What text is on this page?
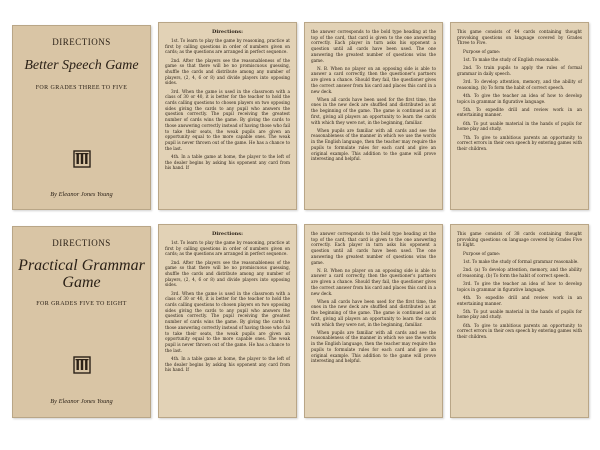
DIRECTIONS
Better Speech Game
FOR GRADES THREE TO FIVE
By Eleanor Jones Young
Directions:

1st. To learn to play the game by reasoning, practice at first by calling questions in order of numbers given on cards; as the questions are arranged in perfect sequence.

2nd. After the players see the reasonableness of the game so that there will be no promiscuous guessing, shuffle the cards and distribute among any number of players, (2, 4, 6 or 8) and divide players into opposing sides.

3rd. When the game is used in the classroom with a class of 30 or 40, it is better for the teacher to hold the cards calling questions to chosen players on two opposing sides giving the cards to any pupil who answers the question correctly. The pupil receiving the greatest number of cards wins the game. By giving the cards to those answering correctly instead of having those who fail to take their seats, the weak pupils are given an opportunity equal to the more capable ones. The weak pupil is never thrown out of the game. He has a chance to the last.

4th. In a table game at home, the player to the left of the dealer begins by asking his opponent any card from his hand. If

the answer corresponds to the bold type heading at the top of the card, that card is given to the one answering correctly. Each player in turn asks his opponent a question until all cards have been used. The one answering the greatest number of questions wins the game.

N. B. When no player on an opposing side is able to answer a card correctly, then the questioner's partners are given a chance. Should they fail, the questioner gives the correct answer from his card and places this card in a new deck.

When all cards have been used for the first time, the ones in the new deck are shuffled and distributed as at the beginning of the game. The game is continued as at first, giving all players an opportunity to learn the cards with which they were not, in the beginning, familiar.

When pupils are familiar with all cards and see the reasonableness of the manner in which we use the words in the English language, then the teacher may require the pupils to formulate rules for each card and give an original example. This addition to the game will prove interesting and helpful.

This game consists of 44 cards containing thought provoking questions on language covered by Grades Three to Five.

Purpose of game:

1st. To make the study of English reasonable.

2nd. To train pupils to apply the rules of formal grammar in daily speech.

3rd. To develop attention, memory, and the ability of reasoning. (b) To form the habit of correct speech.

4th. To give the teacher an idea of how to develop topics in grammar in figurative language.

5th. To expedite drill and review work in an entertaining manner.

6th. To put usable material in the hands of pupils for home play and study.

7th. To give to ambitious parents an opportunity to correct errors in their own speech by entering games with their children.

DIRECTIONS
Practical Grammar
Game
FOR GRADES FIVE TO EIGHT
By Eleanor Jones Young
Directions:

1st. To learn to play the game by reasoning, practice at first by calling questions in order of numbers given on cards; as the questions are arranged in perfect sequence.

2nd. After the players see the reasonableness of the game so that there will be no promiscuous guessing, shuffle the cards and distribute among any number of players, (2, 4, 6 or 8) and divide players into opposing sides.

3rd. When the game is used in the classroom with a class of 30 or 40, it is better for the teacher to hold the cards calling questions to chosen players on two opposing sides giving the cards to any pupil who answers the question correctly. The pupil receiving the greatest number of cards wins the game. By giving the cards to those answering correctly instead of having those who fail to take their seats, the weak pupils are given an opportunity equal to the more capable ones. The weak pupil is never thrown out of the game. He has a chance to the last.

4th. In a table game at home, the player to the left of the dealer begins by asking his opponent any card from his hand. If

the answer corresponds to the bold type heading at the top of the card, that card is given to the one answering correctly. Each player in turn asks his opponent a question until all cards have been used. The one answering the greatest number of questions wins the game.

N. B. When no player on an opposing side is able to answer a card correctly, then the questioner's partners are given a chance. Should they fail, the questioner gives the correct answer from his card and places this card in a new deck.

When all cards have been used for the first time, the ones in the new deck are shuffled and distributed as at the beginning of the game. The game is continued as at first, giving all players an opportunity to learn the cards with which they were not, in the beginning, familiar.

When pupils are familiar with all cards and see the reasonableness of the manner in which we use the words in the English language, then the teacher may require the pupils to formulate rules for each card and give an original example. This addition to the game will prove interesting and helpful.

This game consists of 38 cards containing thought provoking questions on language covered by Grades Five to Eight.

Purpose of game:

1st. To make the study of formal grammar reasonable.

2nd. (a) To develop attention, memory, and the ability of reasoning. (b) To form the habit of correct speech.

3rd. To give the teacher an idea of how to develop topics in grammar in figurative language.

4th. To expedite drill and review work in an entertaining manner.

5th. To put usable material in the hands of pupils for home play and study.

6th. To give to ambitious parents an opportunity to correct errors in their own speech by entering games with their children.
